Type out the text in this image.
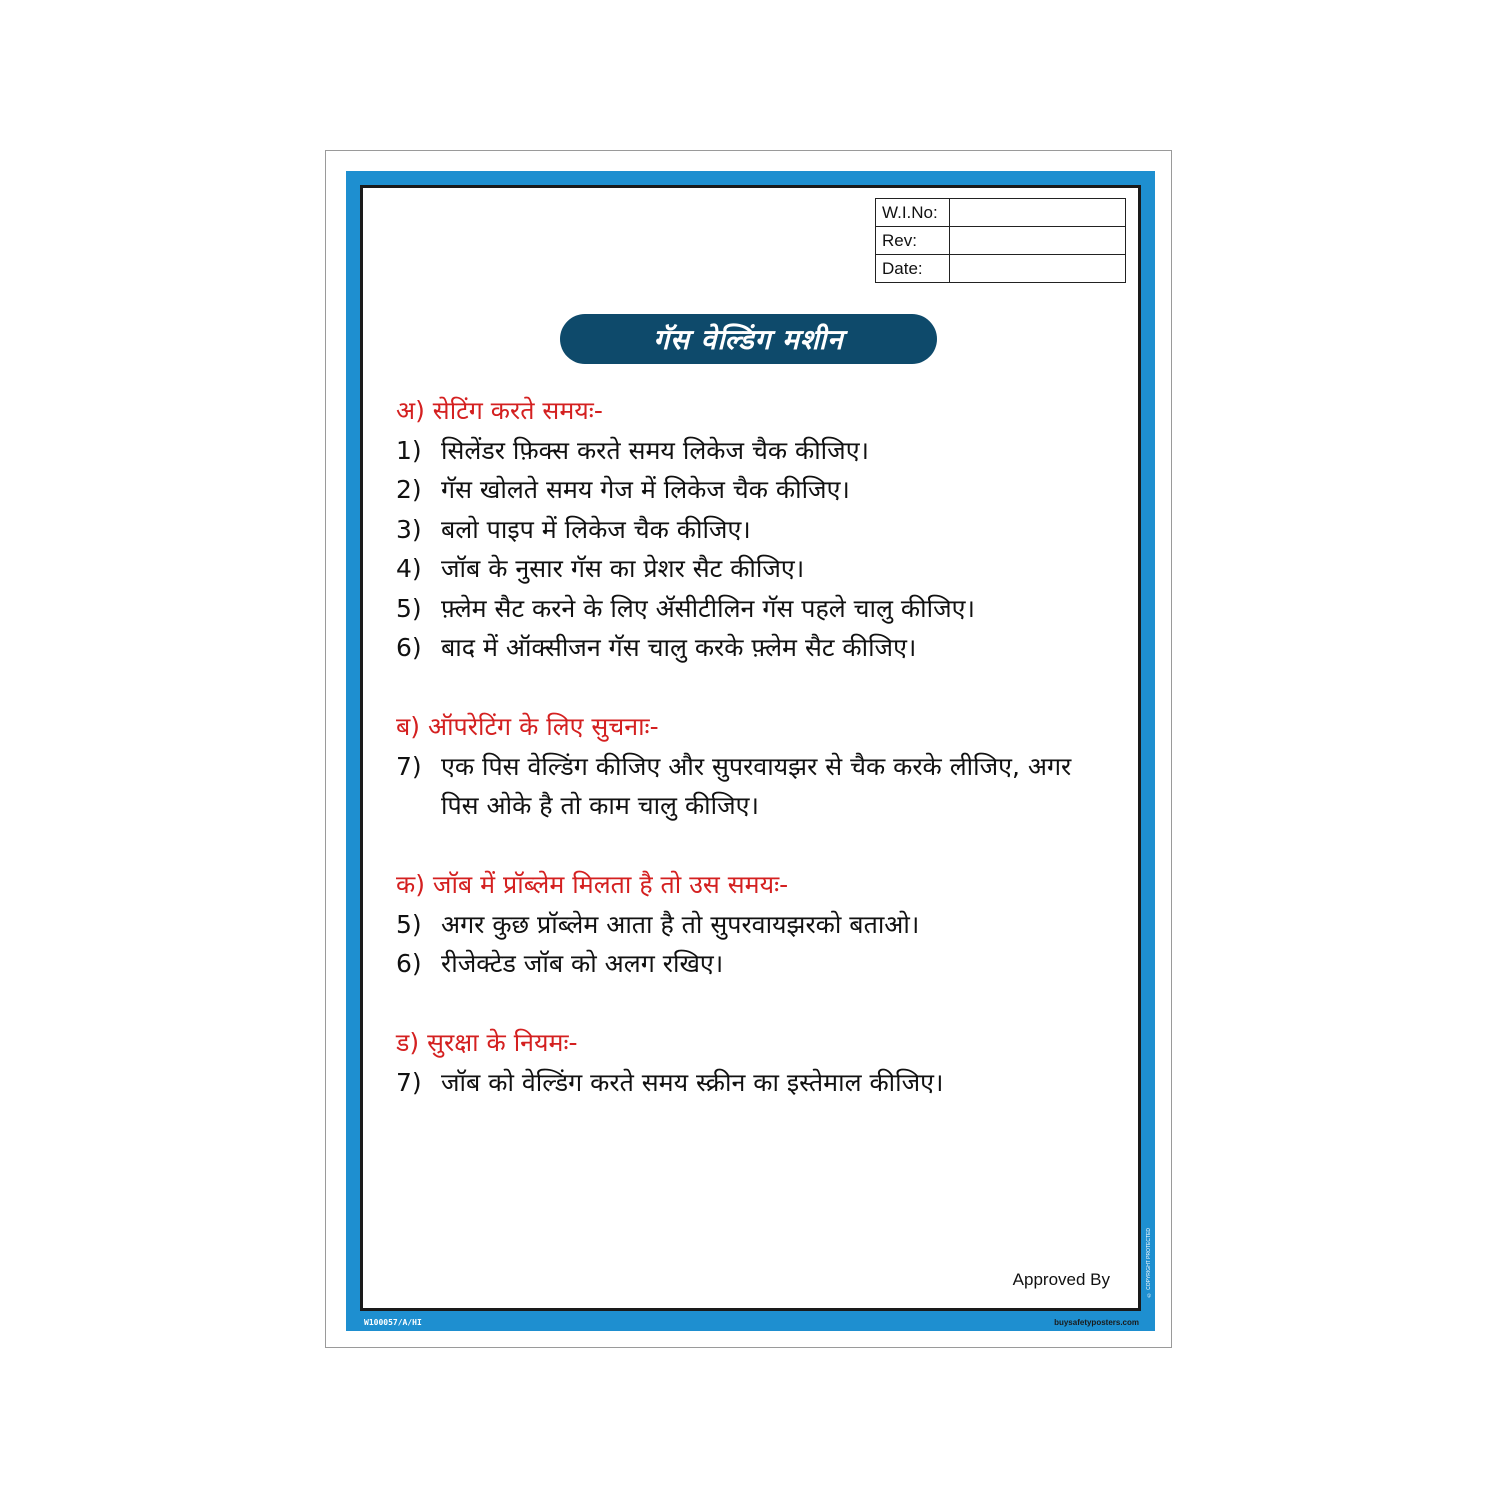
W.I.No:	
Rev:	
Date:	
गॅस वेल्डिंग मशीन
अ) सेटिंग करते समयः-
1) सिलेंडर फ़िक्स करते समय लिकेज चैक कीजिए।
2) गॅस खोलते समय गेज में लिकेज चैक कीजिए।
3) बलो पाइप में लिकेज चैक कीजिए।
4) जॉब के नुसार गॅस का प्रेशर सैट कीजिए।
5) फ़्लेम सैट करने के लिए ॲसीटीलिन गॅस पहले चालु कीजिए।
6) बाद में ऑक्सीजन गॅस चालु करके फ़्लेम सैट कीजिए।
ब) ऑपरेटिंग के लिए सुचनाः-
7) एक पिस वेल्डिंग कीजिए और सुपरवायझर से चैक करके लीजिए, अगर पिस ओके है तो काम चालु कीजिए।
क) जॉब में प्रॉब्लेम मिलता है तो उस समयः-
5) अगर कुछ प्रॉब्लेम आता है तो सुपरवायझरको बताओ।
6) रीजेक्टेड जॉब को अलग रखिए।
ड) सुरक्षा के नियमः-
7) जॉब को वेल्डिंग करते समय स्क्रीन का इस्तेमाल कीजिए।
Approved By
W100057/A/HI	buysafetyposters.com
© COPYRIGHT PROTECTED
